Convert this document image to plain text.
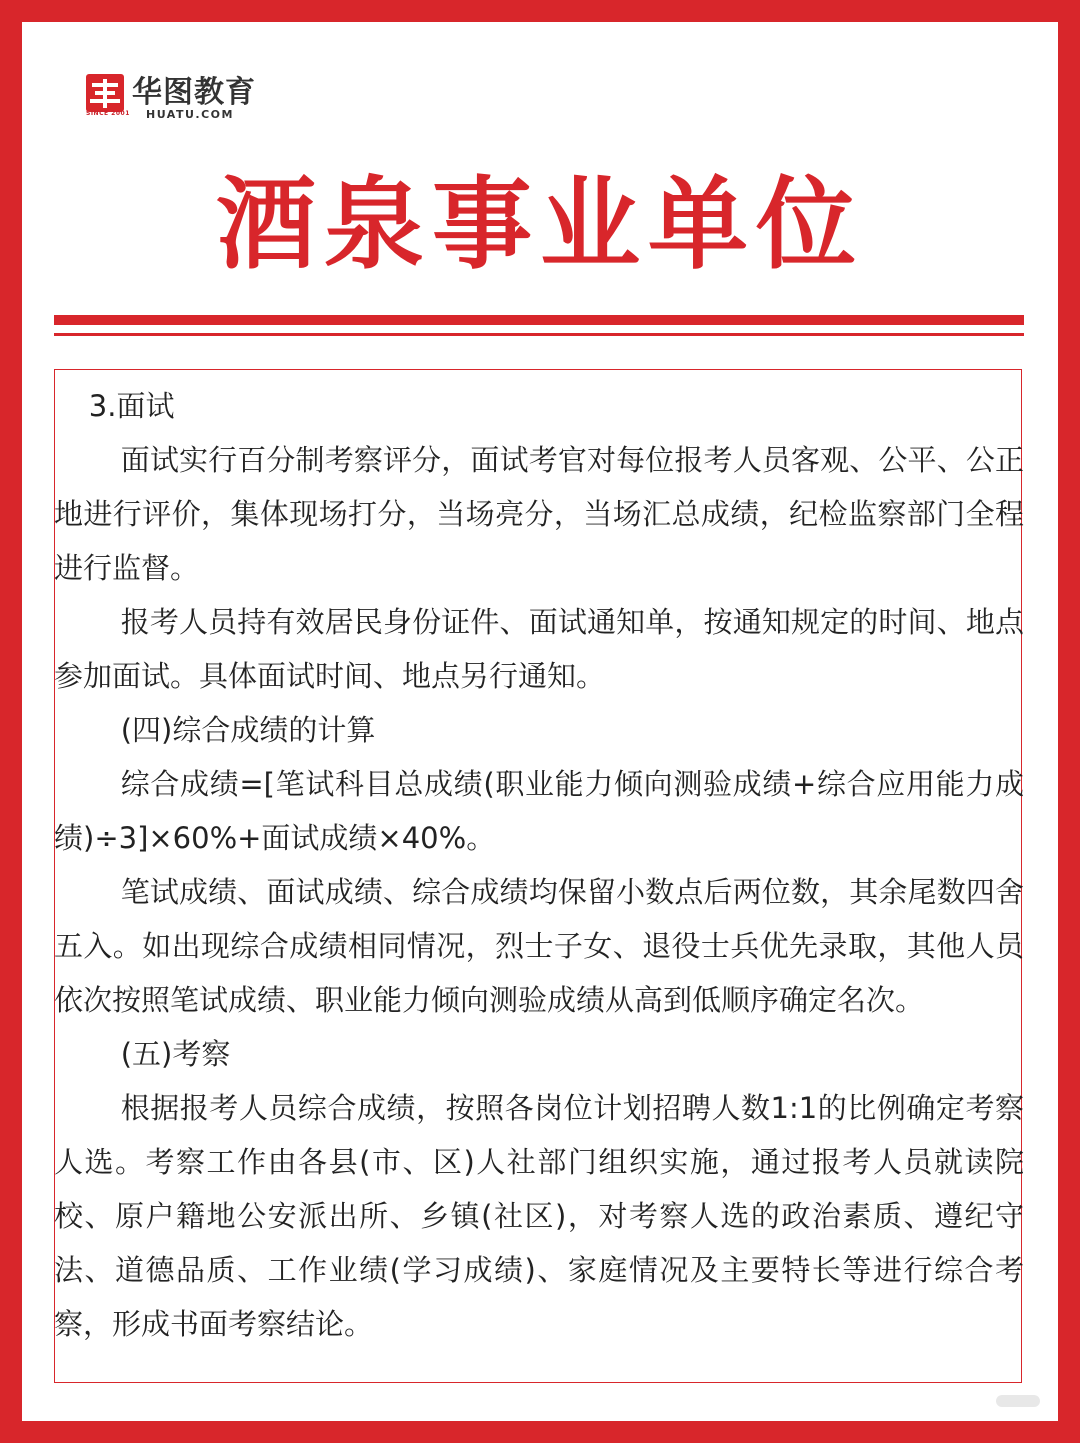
华图教育
HUATU.COM
SINCE 2001
酒泉事业单位

3.面试

面试实行百分制考察评分，面试考官对每位报考人员客观、公平、公正地进行评价，集体现场打分，当场亮分，当场汇总成绩，纪检监察部门全程进行监督。

报考人员持有效居民身份证件、面试通知单，按通知规定的时间、地点参加面试。具体面试时间、地点另行通知。

(四)综合成绩的计算

综合成绩=[笔试科目总成绩(职业能力倾向测验成绩+综合应用能力成绩)÷3]×60%+面试成绩×40%。

笔试成绩、面试成绩、综合成绩均保留小数点后两位数，其余尾数四舍五入。如出现综合成绩相同情况，烈士子女、退役士兵优先录取，其他人员依次按照笔试成绩、职业能力倾向测验成绩从高到低顺序确定名次。

(五)考察

根据报考人员综合成绩，按照各岗位计划招聘人数1:1的比例确定考察人选。考察工作由各县(市、区)人社部门组织实施，通过报考人员就读院校、原户籍地公安派出所、乡镇(社区)，对考察人选的政治素质、遵纪守法、道德品质、工作业绩(学习成绩)、家庭情况及主要特长等进行综合考察，形成书面考察结论。
